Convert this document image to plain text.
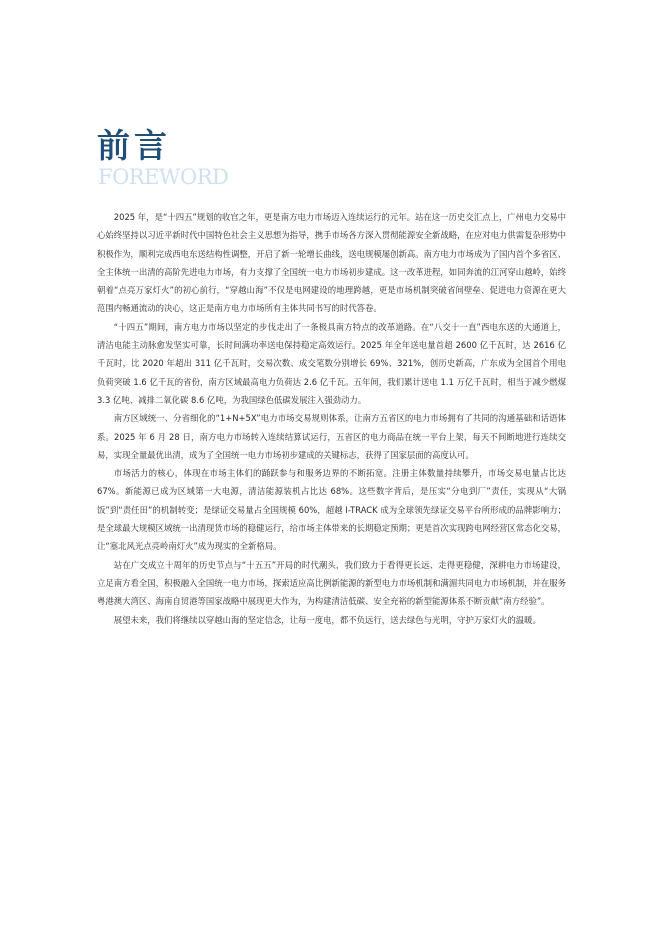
前言
FOREWORD

2025 年，是“十四五”规划的收官之年，更是南方电力市场迈入连续运行的元年。站在这一历史交汇点上，广州电力交易中心始终坚持以习近平新时代中国特色社会主义思想为指导，携手市场各方深入贯彻能源安全新战略，在应对电力供需复杂形势中积极作为，顺利完成西电东送结构性调整，开启了新一轮增长曲线，送电规模屡创新高。南方电力市场成为了国内首个多省区、全主体统一出清的高阶先进电力市场，有力支撑了全国统一电力市场初步建成。这一改革进程，如同奔流的江河穿山越岭，始终朝着“点亮万家灯火”的初心前行，“穿越山海”不仅是电网建设的地理跨越，更是市场机制突破省间壁垒、促进电力资源在更大范围内畅通流动的决心，这正是南方电力市场所有主体共同书写的时代答卷。

“十四五”期间，南方电力市场以坚定的步伐走出了一条极具南方特点的改革道路。在“八交十一直”西电东送的大通道上，清洁电能主动脉愈发坚实可靠，长时间满功率送电保持稳定高效运行。2025 年全年送电量首超 2600 亿千瓦时，达 2616 亿千瓦时，比 2020 年超出 311 亿千瓦时，交易次数、成交笔数分别增长 69%、321%，创历史新高，广东成为全国首个用电负荷突破 1.6 亿千瓦的省份，南方区域最高电力负荷达 2.6 亿千瓦。五年间，我们累计送电 1.1 万亿千瓦时，相当于减少燃煤 3.3 亿吨、减排二氧化碳 8.6 亿吨，为我国绿色低碳发展注入强劲动力。

南方区域统一、分省细化的“1+N+5X”电力市场交易规则体系，让南方五省区的电力市场拥有了共同的沟通基础和话语体系。2025 年 6 月 28 日，南方电力市场转入连续结算试运行，五省区的电力商品在统一平台上架，每天不间断地进行连续交易，实现全量最优出清，成为了全国统一电力市场初步建成的关键标志，获得了国家层面的高度认可。

市场活力的核心，体现在市场主体们的踊跃参与和服务边界的不断拓宽。注册主体数量持续攀升，市场交易电量占比达 67%。新能源已成为区域第一大电源，清洁能源装机占比达 68%。这些数字背后，是压实“分电到厂”责任，实现从“大锅饭”到“责任田”的机制转变；是绿证交易量占全国规模 60%，超越 I-TRACK 成为全球领先绿证交易平台所形成的品牌影响力；是全球最大规模区域统一出清现货市场的稳健运行，给市场主体带来的长期稳定预期；更是首次实现跨电网经营区常态化交易，让“塞北风光点亮岭南灯火”成为现实的全新格局。

站在广交成立十周年的历史节点与“十五五”开局的时代潮头，我们致力于看得更长远、走得更稳健，深耕电力市场建设，立足南方看全国，积极融入全国统一电力市场，探索适应高比例新能源的新型电力市场机制和满湄共同电力市场机制，并在服务粤港澳大湾区、海南自贸港等国家战略中展现更大作为，为构建清洁低碳、安全充裕的新型能源体系不断贡献“南方经验”。

展望未来，我们将继续以穿越山海的坚定信念，让每一度电，都不负远行，送去绿色与光明，守护万家灯火的温暖。
